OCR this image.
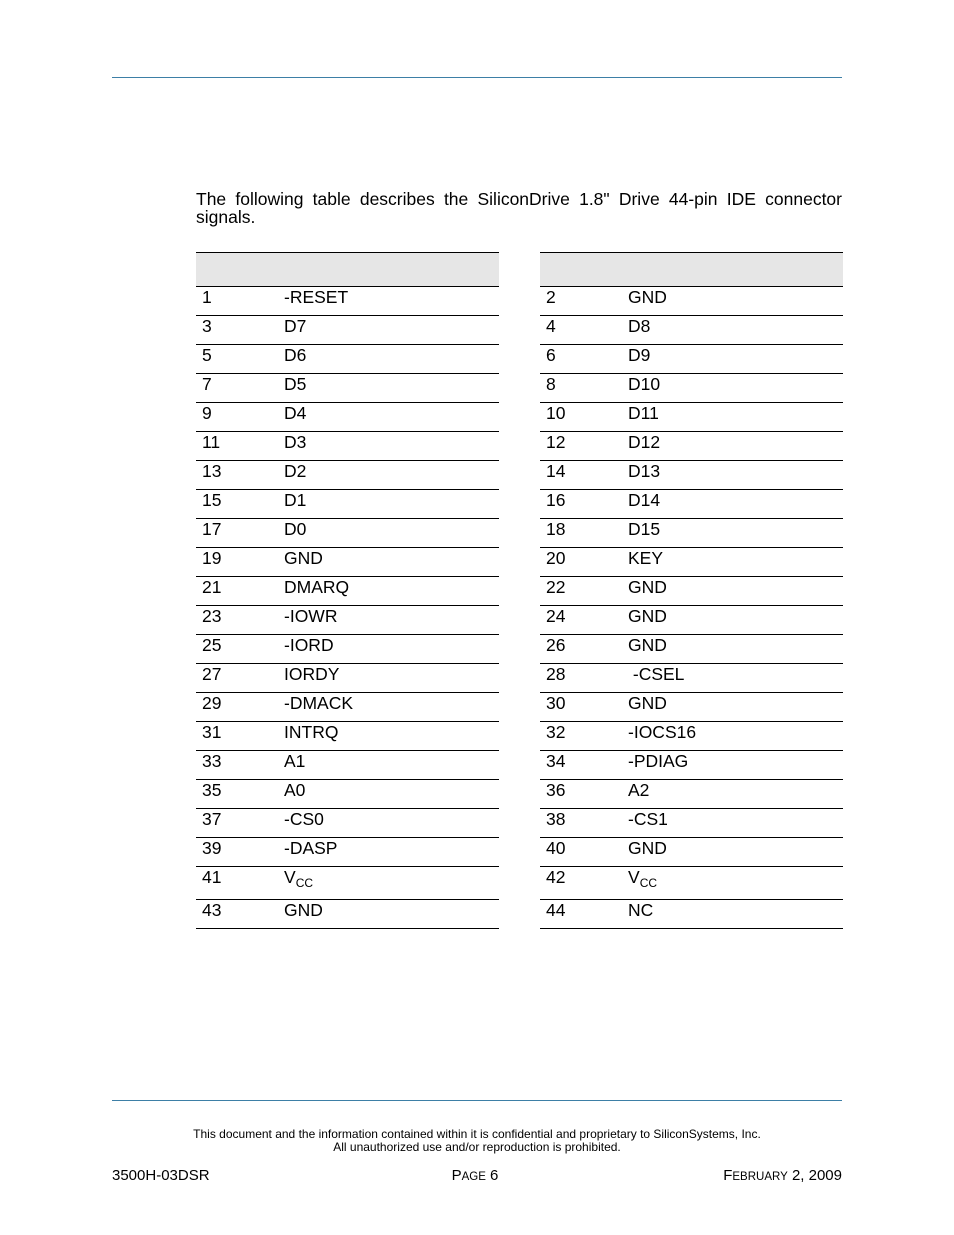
The following table describes the SiliconDrive 1.8" Drive 44-pin IDE connector signals.

1	-RESET
3	D7
5	D6
7	D5
9	D4
11	D3
13	D2
15	D1
17	D0
19	GND
21	DMARQ
23	-IOWR
25	-IORD
27	IORDY
29	-DMACK
31	INTRQ
33	A1
35	A0
37	-CS0
39	-DASP
41	$V_{CC}$
43	GND

2	GND
4	D8
6	D9
8	D10
10	D11
12	D12
14	D13
16	D14
18	D15
20	KEY
22	GND
24	GND
26	GND
28	-CSEL
30	GND
32	-IOCS16
34	-PDIAG
36	A2
38	-CS1
40	GND
42	$V_{CC}$
44	NC
This document and the information contained within it is confidential and proprietary to SiliconSystems, Inc.
All unauthorized use and/or reproduction is prohibited.
3500H-03DSR	PAGE 6	FEBRUARY 2, 2009
